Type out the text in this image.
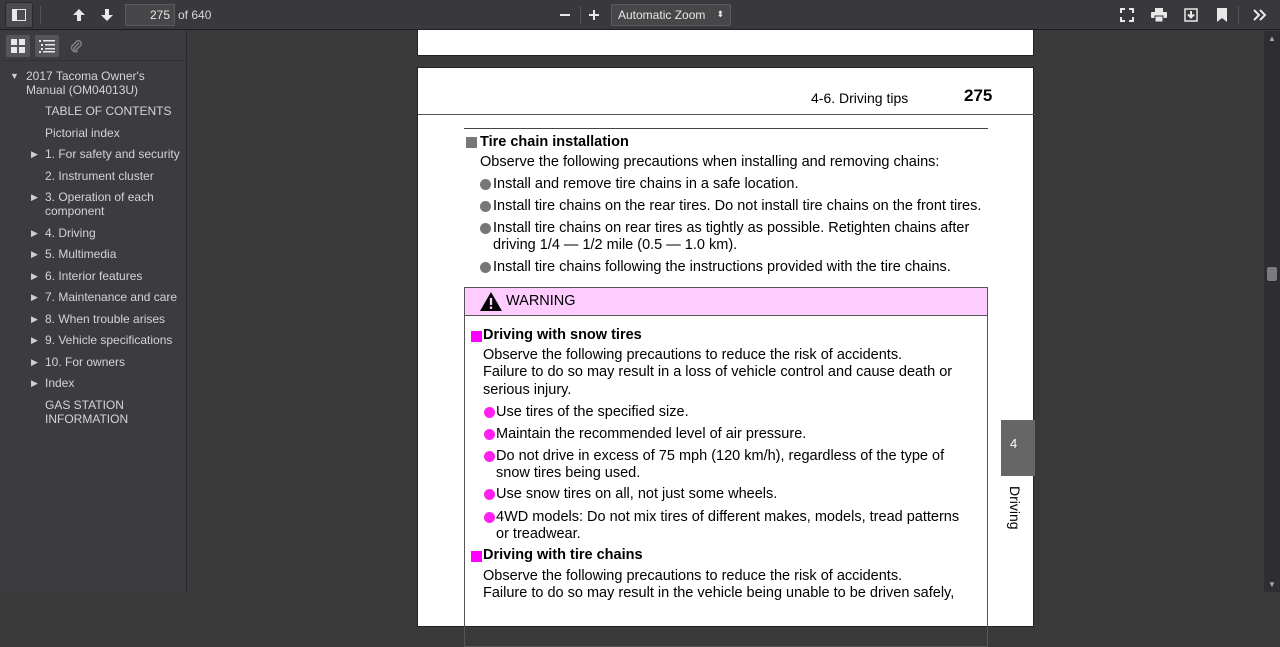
275
of 640	Automatic Zoom ⬍
▼ 2017 Tacoma Owner's
Manual (OM04013U)
TABLE OF CONTENTS
Pictorial index
▶ 1. For safety and security
2. Instrument cluster
▶ 3. Operation of each
component
▶ 4. Driving
▶ 5. Multimedia
▶ 6. Interior features
▶ 7. Maintenance and care
▶ 8. When trouble arises
▶ 9. Vehicle specifications
▶ 10. For owners
▶ Index
GAS STATION
INFORMATION
4-6. Driving tips	275
Tire chain installation
Observe the following precautions when installing and removing chains:
Install and remove tire chains in a safe location.
Install tire chains on the rear tires. Do not install tire chains on the front tires.
Install tire chains on rear tires as tightly as possible. Retighten chains after
driving 1/4 — 1/2 mile (0.5 — 1.0 km).
Install tire chains following the instructions provided with the tire chains.
WARNING
Driving with snow tires
Observe the following precautions to reduce the risk of accidents.
Failure to do so may result in a loss of vehicle control and cause death or
serious injury.
Use tires of the specified size.
Maintain the recommended level of air pressure.
Do not drive in excess of 75 mph (120 km/h), regardless of the type of
snow tires being used.
Use snow tires on all, not just some wheels.
4WD models: Do not mix tires of different makes, models, tread patterns
or treadwear.
Driving with tire chains
Observe the following precautions to reduce the risk of accidents.
Failure to do so may result in the vehicle being unable to be driven safely,
4
Driving
▲
▼
